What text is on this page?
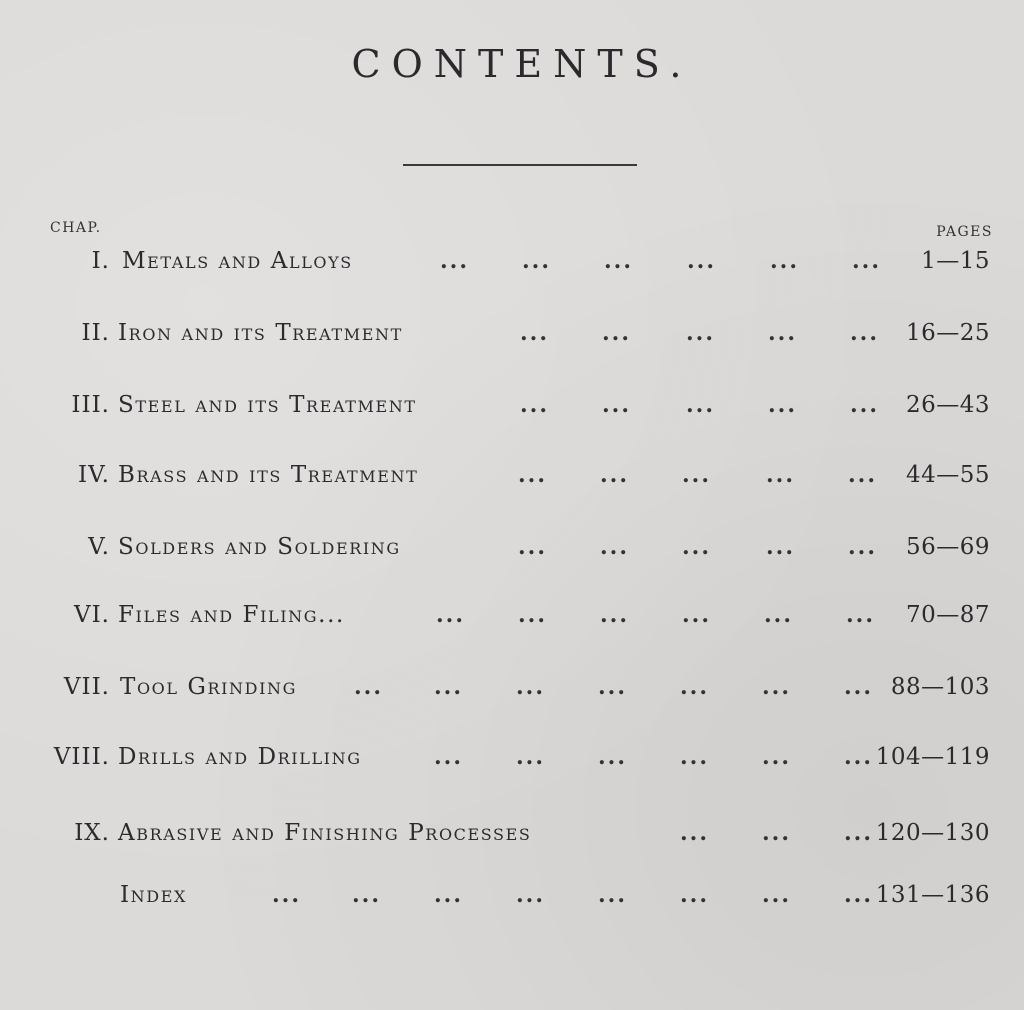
CONTENTS.
CHAP.	PAGES
I. Metals and Alloys	... ... ... ... ... ... 1—15
II. Iron and its Treatment	... ...	... ... ... 16—25
III. Steel and its Treatment	... ...	... ... ... 26—43
IV. Brass and its Treatment	... ... ...	... ... 44—55
V. Solders and Soldering	... ... ...	... ... 56—69
VI. Files and Filing...	... ... ... ... ... ... 70—87
VII. Tool Grinding	... ... ... ... ... ... ... 88—103
VIII. Drills and Drilling	... ... ... ... ... ... 104—119
IX. Abrasive and Finishing Processes	... ... ... 120—130
Index	... ... ... ... ... ... ... ... 131—136
